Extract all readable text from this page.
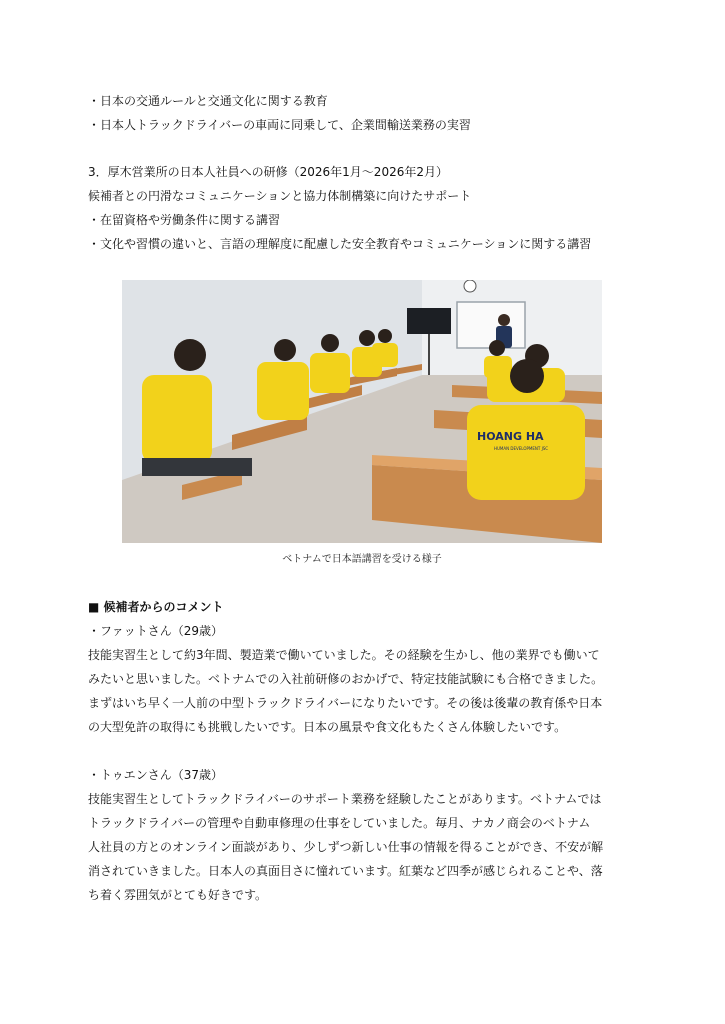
・日本の交通ルールと交通文化に関する教育
・日本人トラックドライバーの車両に同乗して、企業間輸送業務の実習
3．厚木営業所の日本人社員への研修（2026年1月～2026年2月）
候補者との円滑なコミュニケーションと協力体制構築に向けたサポート
・在留資格や労働条件に関する講習
・文化や習慣の違いと、言語の理解度に配慮した安全教育やコミュニケーションに関する講習
HOANG HA
HUMAN DEVELOPMENT JSC
ベトナムで日本語講習を受ける様子
■ 候補者からのコメント
・ファットさん（29歳）
技能実習生として約3年間、製造業で働いていました。その経験を生かし、他の業界でも働いて
みたいと思いました。ベトナムでの入社前研修のおかげで、特定技能試験にも合格できました。
まずはいち早く一人前の中型トラックドライバーになりたいです。その後は後輩の教育係や日本
の大型免許の取得にも挑戦したいです。日本の風景や食文化もたくさん体験したいです。
・トゥエンさん（37歳）
技能実習生としてトラックドライバーのサポート業務を経験したことがあります。ベトナムでは
トラックドライバーの管理や自動車修理の仕事をしていました。毎月、ナカノ商会のベトナム
人社員の方とのオンライン面談があり、少しずつ新しい仕事の情報を得ることができ、不安が解
消されていきました。日本人の真面目さに憧れています。紅葉など四季が感じられることや、落
ち着く雰囲気がとても好きです。
